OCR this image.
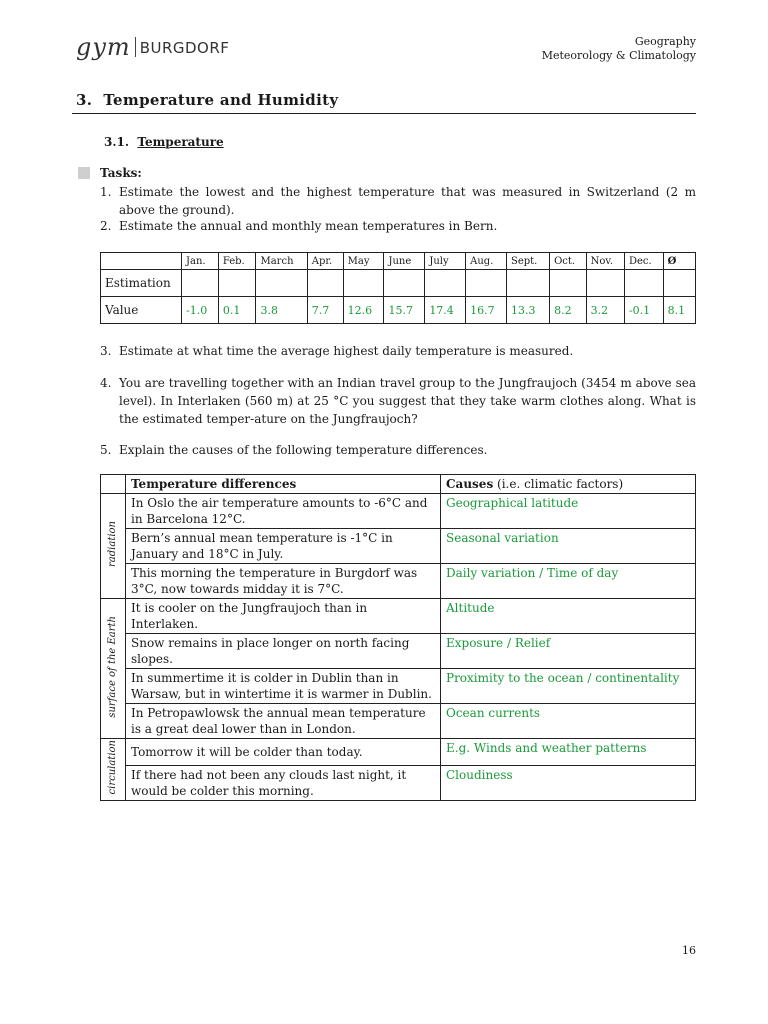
gym BURGDORF	Geography
Meteorology & Climatology
3. Temperature and Humidity
3.1. Temperature
Tasks:
1. Estimate the lowest and the highest temperature that was measured in Switzerland (2 m above the ground).
2. Estimate the annual and monthly mean temperatures in Bern.
	Jan.	Feb.	March	Apr.	May	June	July	Aug.	Sept.	Oct.	Nov.	Dec.	Ø
Estimation													
Value	-1.0	0.1	3.8	7.7	12.6	15.7	17.4	16.7	13.3	8.2	3.2	-0.1	8.1
3. Estimate at what time the average highest daily temperature is measured.
4. You are travelling together with an Indian travel group to the Jungfraujoch (3454 m above sea level). In Interlaken (560 m) at 25 °C you suggest that they take warm clothes along. What is the estimated temper-ature on the Jungfraujoch?
5. Explain the causes of the following temperature differences.
	Temperature differences	Causes (i.e. climatic factors)
radiation	In Oslo the air temperature amounts to -6°C and in Barcelona 12°C.	Geographical latitude
	Bern’s annual mean temperature is -1°C in January and 18°C in July.	Seasonal variation
	This morning the temperature in Burgdorf was 3°C, now towards midday it is 7°C.	Daily variation / Time of day
surface of the Earth	It is cooler on the Jungfraujoch than in Interlaken.	Altitude
	Snow remains in place longer on north facing slopes.	Exposure / Relief
	In summertime it is colder in Dublin than in Warsaw, but in wintertime it is warmer in Dublin.	Proximity to the ocean / continentality
	In Petropawlowsk the annual mean temperature is a great deal lower than in London.	Ocean currents
circulation	Tomorrow it will be colder than today.	E.g. Winds and weather patterns
	If there had not been any clouds last night, it would be colder this morning.	Cloudiness
16
